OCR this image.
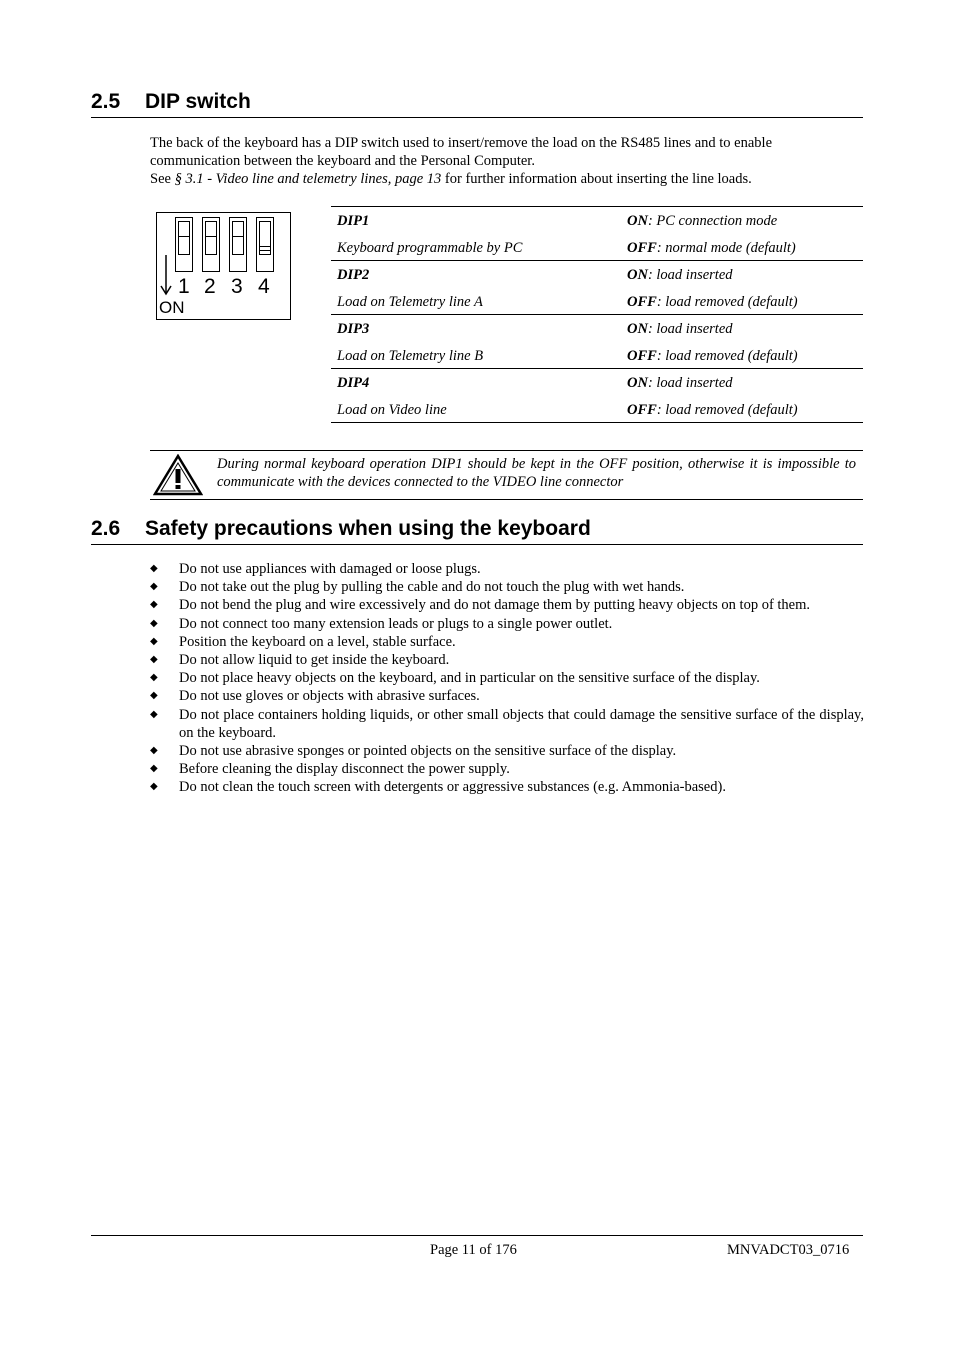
2.5 DIP switch
The back of the keyboard has a DIP switch used to insert/remove the load on the RS485 lines and to enable
communication between the keyboard and the Personal Computer.
See § 3.1 - Video line and telemetry lines, page 13 for further information about inserting the line loads.
1 2 3 4
ON
DIP1
Keyboard programmable by PC
ON: PC connection mode
OFF: normal mode (default)
DIP2
Load on Telemetry line A
ON: load inserted
OFF: load removed (default)
DIP3
Load on Telemetry line B
ON: load inserted
OFF: load removed (default)
DIP4
Load on Video line
ON: load inserted
OFF: load removed (default)
During normal keyboard operation DIP1 should be kept in the OFF position, otherwise it is impossible to communicate with the devices connected to the VIDEO line connector
2.6 Safety precautions when using the keyboard
◆ Do not use appliances with damaged or loose plugs.
◆ Do not take out the plug by pulling the cable and do not touch the plug with wet hands.
◆ Do not bend the plug and wire excessively and do not damage them by putting heavy objects on top of them.
◆ Do not connect too many extension leads or plugs to a single power outlet.
◆ Position the keyboard on a level, stable surface.
◆ Do not allow liquid to get inside the keyboard.
◆ Do not place heavy objects on the keyboard, and in particular on the sensitive surface of the display.
◆ Do not use gloves or objects with abrasive surfaces.
◆ Do not place containers holding liquids, or other small objects that could damage the sensitive surface of the display, on the keyboard.
◆ Do not use abrasive sponges or pointed objects on the sensitive surface of the display.
◆ Before cleaning the display disconnect the power supply.
◆ Do not clean the touch screen with detergents or aggressive substances (e.g. Ammonia-based).
Page 11 of 176	MNVADCT03_0716
